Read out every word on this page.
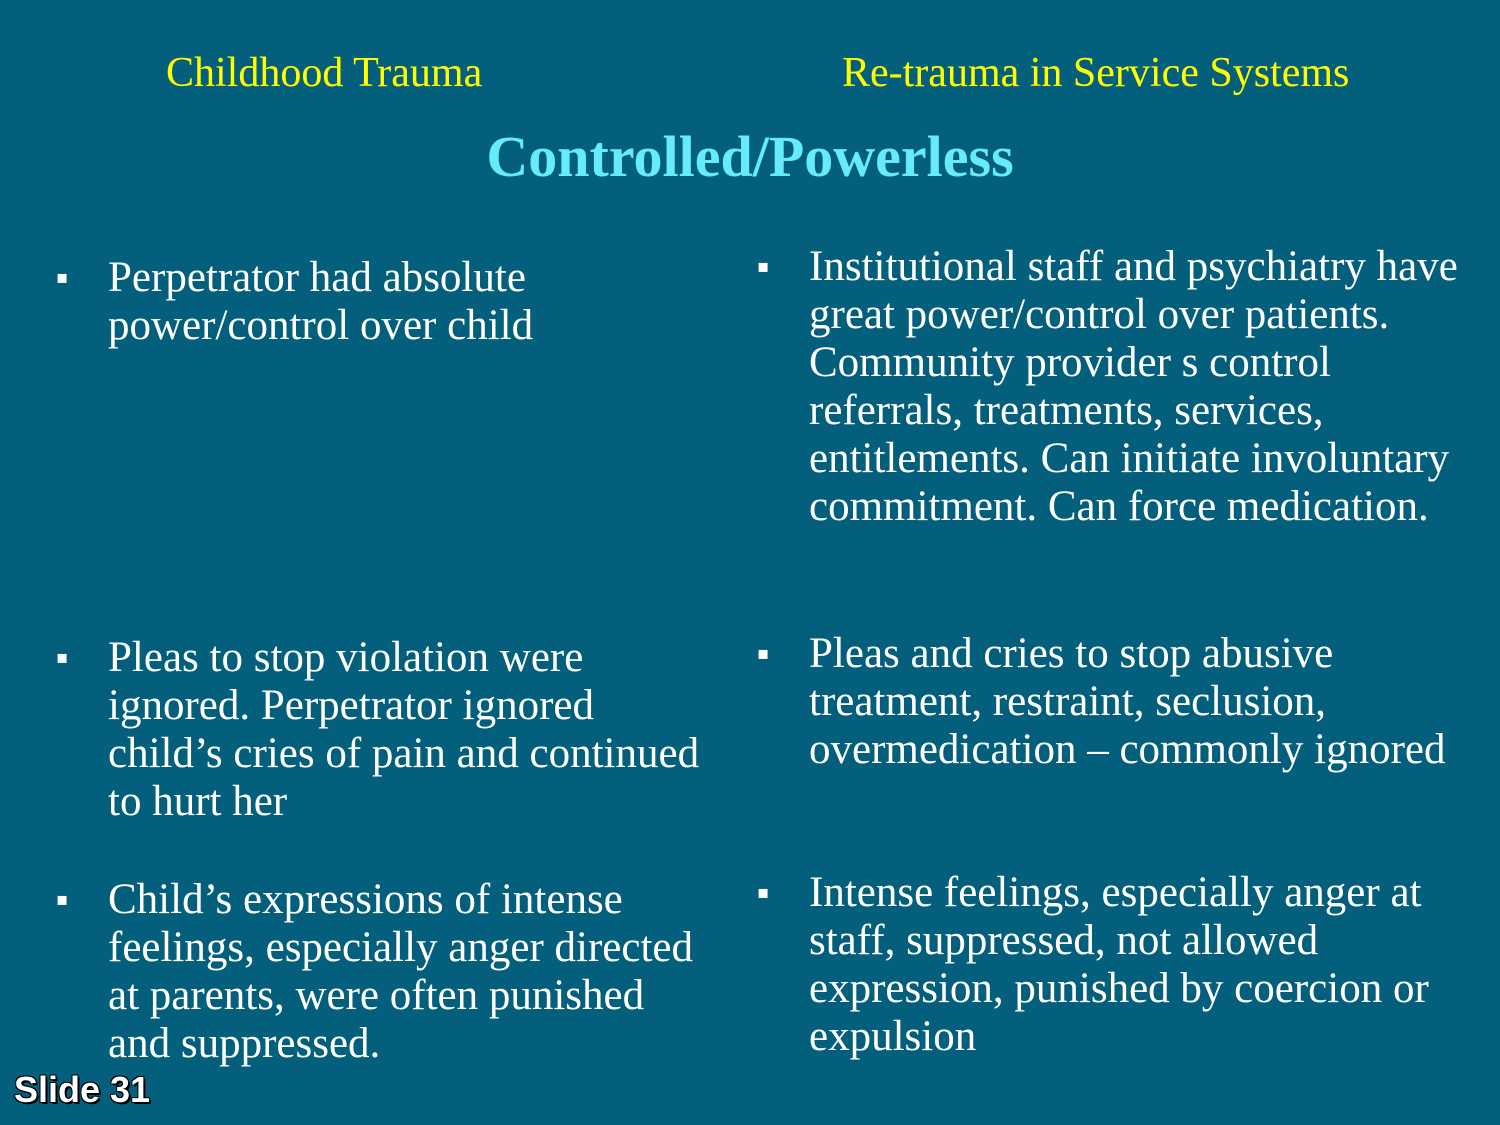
Childhood Trauma	Re-trauma in Service Systems
Controlled/Powerless
▪ Perpetrator had absolute power/control over child
▪ Pleas to stop violation were ignored. Perpetrator ignored child’s cries of pain and continued to hurt her
▪ Child’s expressions of intense feelings, especially anger directed at parents, were often punished and suppressed.
▪ Institutional staff and psychiatry have great power/control over patients. Community provider s control referrals, treatments, services, entitlements. Can initiate involuntary commitment. Can force medication.
▪ Pleas and cries to stop abusive treatment, restraint, seclusion, overmedication – commonly ignored
▪ Intense feelings, especially anger at staff, suppressed, not allowed expression, punished by coercion or expulsion
Slide 31
